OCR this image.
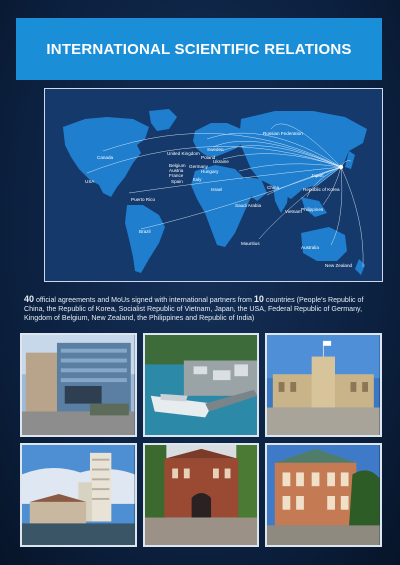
INTERNATIONAL SCIENTIFIC RELATIONS
Russian Federation
Sweden
United Kingdom
Poland
Ukraine
Belgium
Austria
France
Germany
Hungary
Spain Italy
Israel
Canada
USA
Japan
Republic of Korea
China
Puerto Rico
Saudi Arabia
Vietnam Philippines
Brazil
Mauritius
Australia
New Zealand
40 official agreements and MoUs signed with international partners from 10 countries (People's Republic of China, the Republic of Korea, Socialist Republic of Vietnam, Japan, the USA, Federal Republic of Germany, Kingdom of Belgium, New Zealand, the Philippines and Republic of India)
